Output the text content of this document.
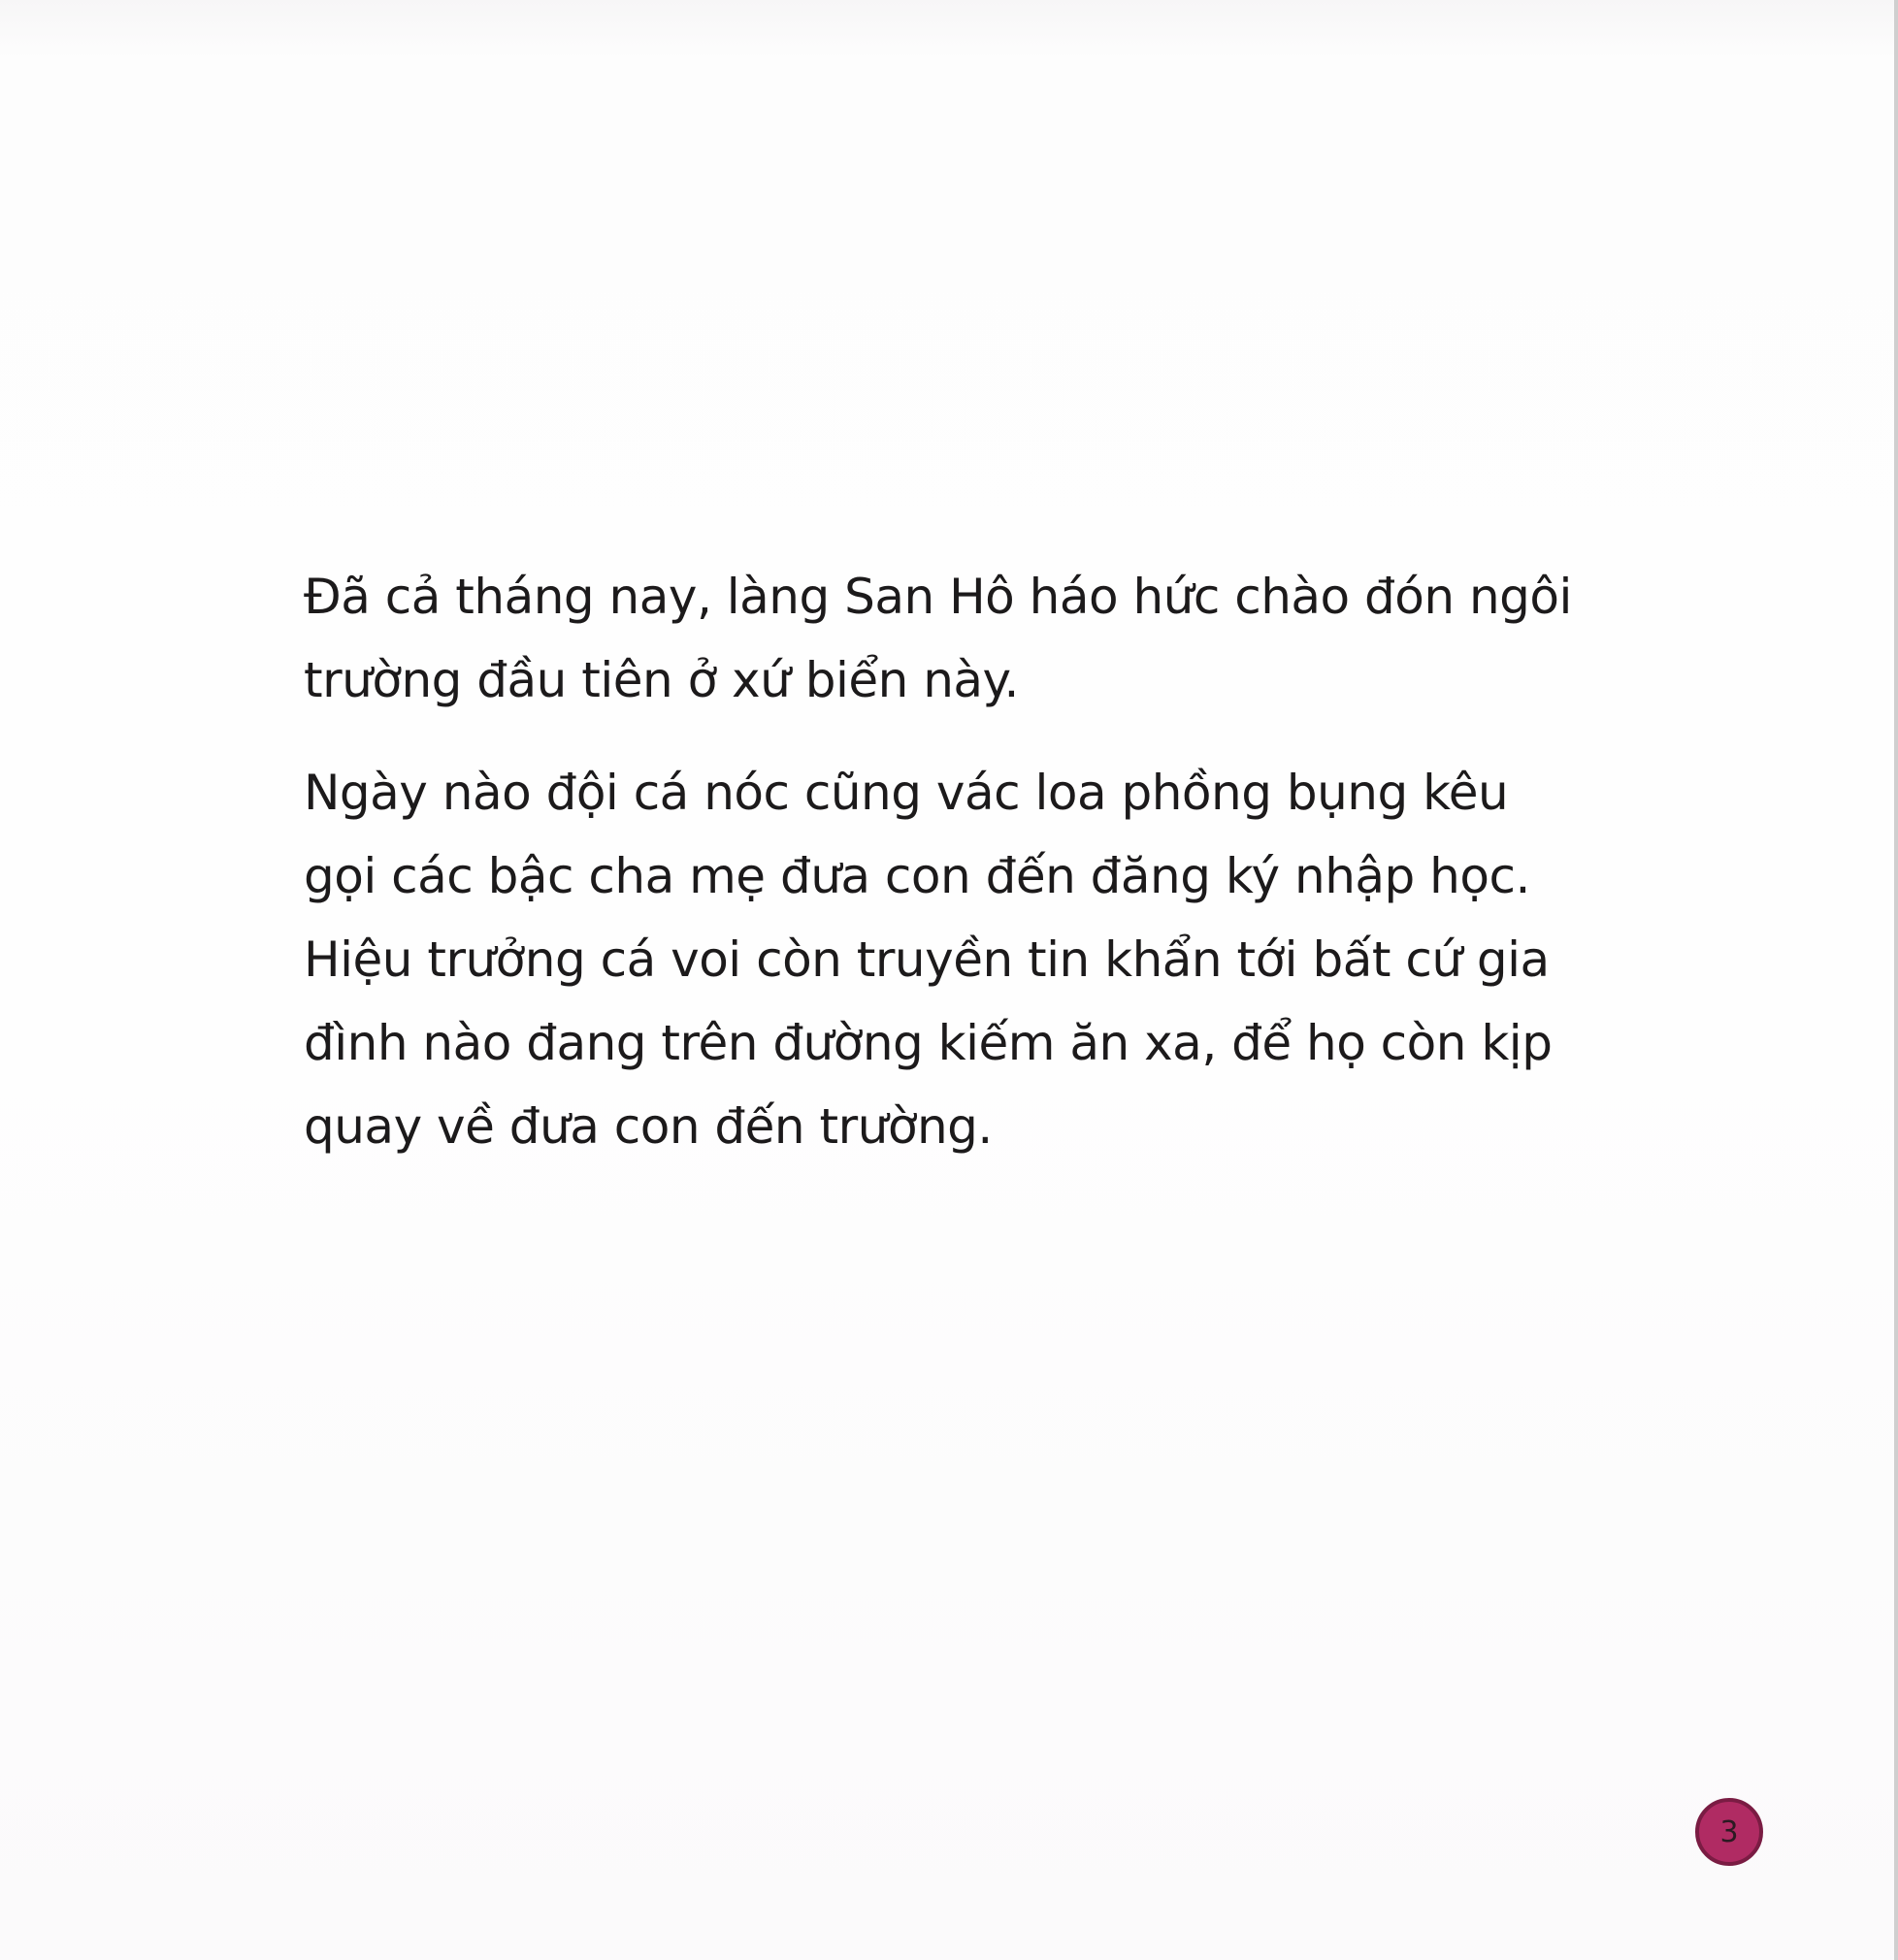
Đã cả tháng nay, làng San Hô háo hức chào đón ngôi
trường đầu tiên ở xứ biển này.

Ngày nào đội cá nóc cũng vác loa phồng bụng kêu
gọi các bậc cha mẹ đưa con đến đăng ký nhập học.
Hiệu trưởng cá voi còn truyền tin khẩn tới bất cứ gia
đình nào đang trên đường kiếm ăn xa, để họ còn kịp
quay về đưa con đến trường.

3
